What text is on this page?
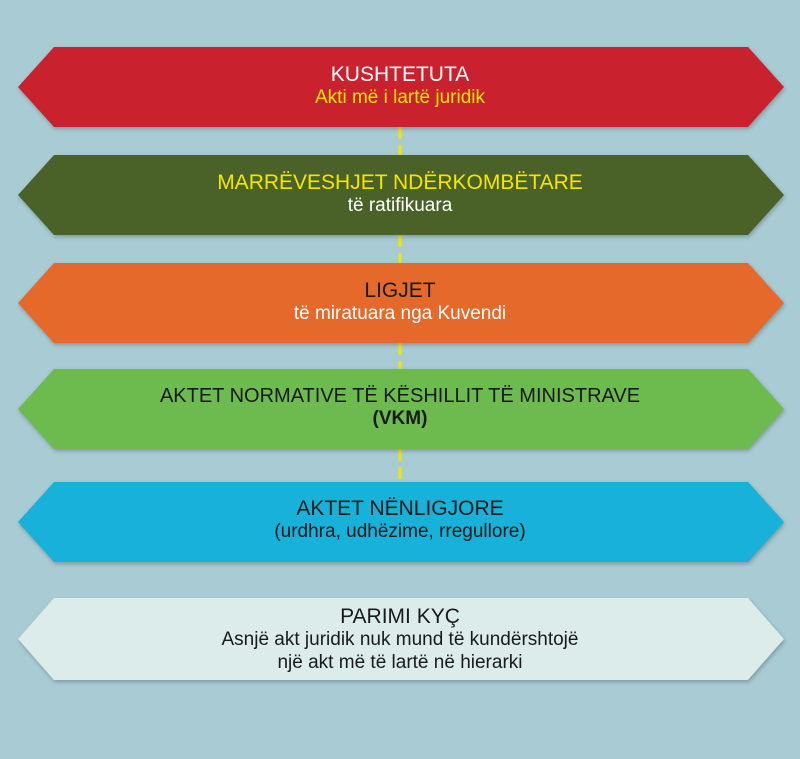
KUSHTETUTA
Akti më i lartë juridik
MARRËVESHJET NDËRKOMBËTARE
të ratifikuara
LIGJET
të miratuara nga Kuvendi
AKTET NORMATIVE TË KËSHILLIT TË MINISTRAVE
(VKM)
AKTET NËNLIGJORE
(urdhra, udhëzime, rregullore)
PARIMI KYÇ
Asnjë akt juridik nuk mund të kundërshtojë
një akt më të lartë në hierarki
